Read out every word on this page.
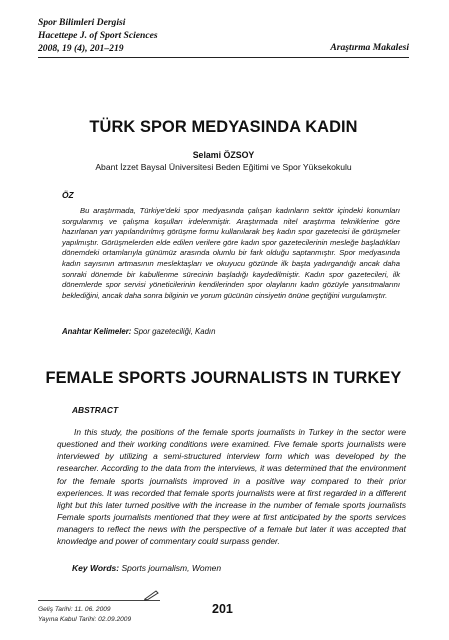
Spor Bilimleri Dergisi
Hacettepe J. of Sport Sciences
2008, 19 (4), 201–219	Araştırma Makalesi
TÜRK SPOR MEDYASINDA KADIN
Selami ÖZSOY
Abant İzzet Baysal Üniversitesi Beden Eğitimi ve Spor Yüksekokulu
ÖZ

Bu araştırmada, Türkiye'deki spor medyasında çalışan kadınların sektör içindeki konumları sorgulanmış ve çalışma koşulları irdelenmiştir. Araştırmada nitel araştırma tekniklerine göre hazırlanan yarı yapılandırılmış görüşme formu kullanılarak beş kadın spor gazetecisi ile görüşmeler yapılmıştır. Görüşmelerden elde edilen verilere göre kadın spor gazetecilerinin mesleğe başladıkları dönemdeki ortamlarıyla günümüz arasında olumlu bir fark olduğu saptanmıştır. Spor medyasında kadın sayısının artmasının meslektaşları ve okuyucu gözünde ilk başta yadırgandığı ancak daha sonraki dönemde bir kabullenme sürecinin başladığı kaydedilmiştir. Kadın spor gazetecileri, ilk dönemlerde spor servisi yöneticilerinin kendilerinden spor olaylarını kadın gözüyle yansıtmalarını beklediğini, ancak daha sonra bilginin ve yorum gücünün cinsiyetin önüne geçtiğini vurgulamıştır.

Anahtar Kelimeler: Spor gazeteciliği, Kadın
FEMALE SPORTS JOURNALISTS IN TURKEY
ABSTRACT

In this study, the positions of the female sports journalists in Turkey in the sector were questioned and their working conditions were examined. Five female sports journalists were interviewed by utilizing a semi-structured interview form which was developed by the researcher. According to the data from the interviews, it was determined that the environment for the female sports journalists improved in a positive way compared to their prior experiences. It was recorded that female sports journalists were at first regarded in a different light but this later turned positive with the increase in the number of female sports journalists Female sports journalists mentioned that they were at first anticipated by the sports services managers to reflect the news with the perspective of a female but later it was accepted that knowledge and power of commentary could surpass gender.

Key Words: Sports journalism, Women
Geliş Tarihi: 11. 06. 2009
Yayına Kabul Tarihi: 02.09.2009
201
